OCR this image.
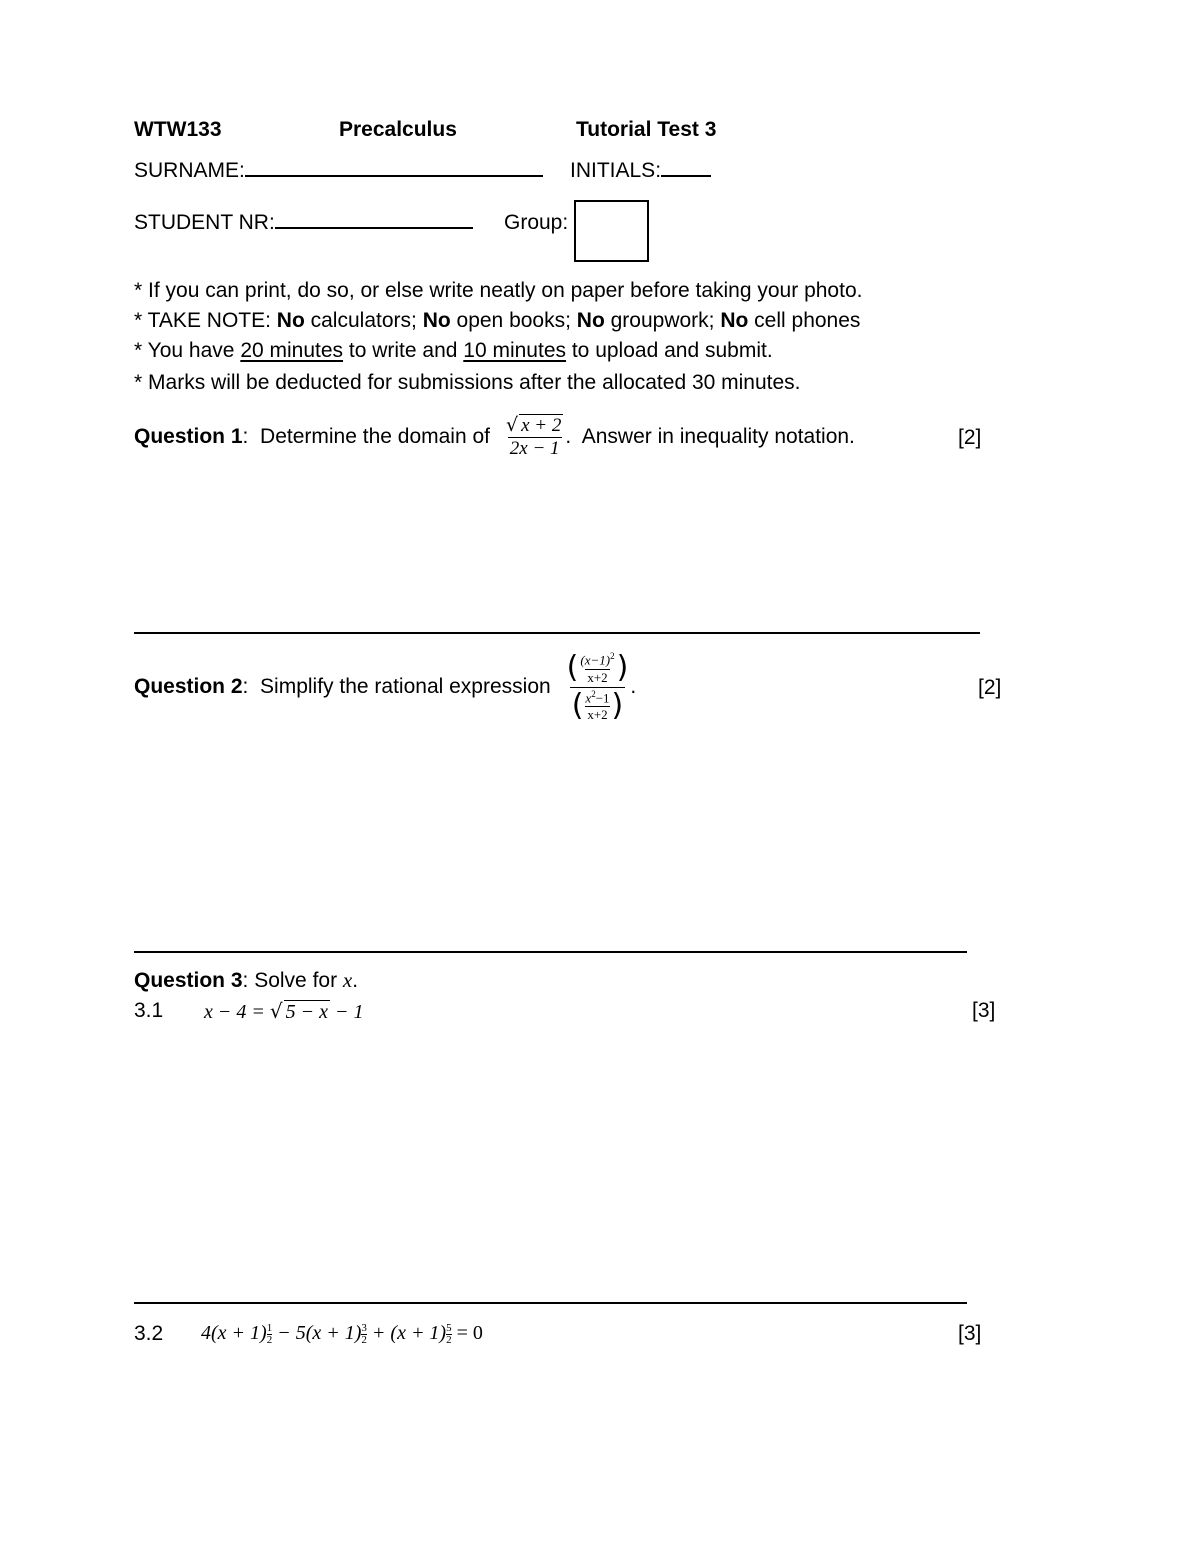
WTW133	Precalculus	Tutorial Test 3
SURNAME:	INITIALS:
STUDENT NR:	Group:
* If you can print, do so, or else write neatly on paper before taking your photo.
* TAKE NOTE: No calculators; No open books; No groupwork; No cell phones
* You have 20 minutes to write and 10 minutes to upload and submit.
* Marks will be deducted for submissions after the allocated 30 minutes.
Question 1 :  Determine the domain of $\frac{√ x + 2}{2x - 1}$ .  Answer in inequality notation.	[2]
Question 2 :  Simplify the rational expression $\frac{( \frac{(x-1)^2}{x+2} )}{( \frac{x^2-1}{x+2} )}$ .	[2]
Question 3: Solve for x.
3.1 x − 4 = √ 5 − x − 1	[3]
3.2 $4(x + 1) \frac{1}{2} - 5(x + 1) \frac{3}{2} + (x + 1) \frac{5}{2} = 0$	[3]
